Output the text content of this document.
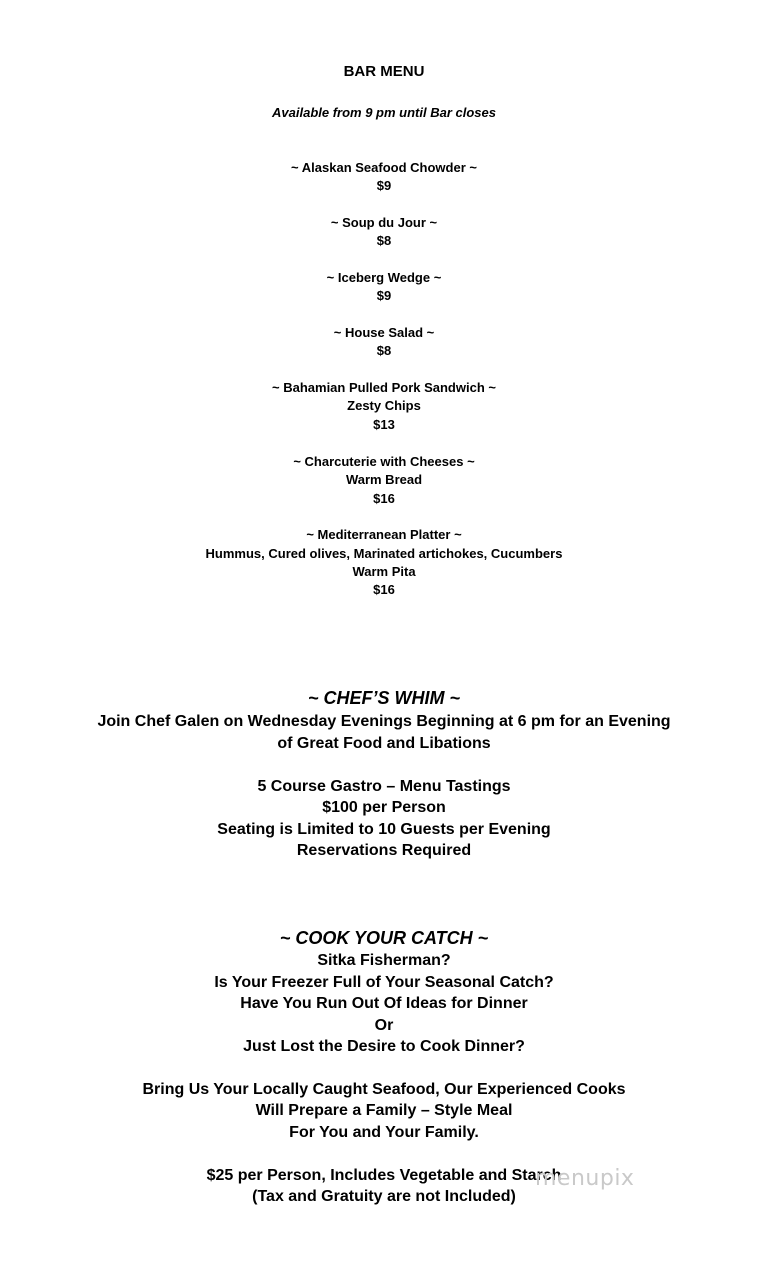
BAR MENU
Available from 9 pm until Bar closes
~ Alaskan Seafood Chowder ~
$9
~ Soup du Jour ~
$8
~ Iceberg Wedge ~
$9
~ House Salad ~
$8
~ Bahamian Pulled Pork Sandwich ~
Zesty Chips
$13
~ Charcuterie with Cheeses ~
Warm Bread
$16
~ Mediterranean Platter ~
Hummus, Cured olives, Marinated artichokes, Cucumbers
Warm Pita
$16
~ CHEF’S WHIM ~
Join Chef Galen on Wednesday Evenings Beginning at 6 pm for an Evening
of Great Food and Libations
5 Course Gastro – Menu Tastings
$100 per Person
Seating is Limited to 10 Guests per Evening
Reservations Required
~ COOK YOUR CATCH ~
Sitka Fisherman?
Is Your Freezer Full of Your Seasonal Catch?
Have You Run Out Of Ideas for Dinner
Or
Just Lost the Desire to Cook Dinner?
Bring Us Your Locally Caught Seafood, Our Experienced Cooks
Will Prepare a Family – Style Meal
For You and Your Family.
$25 per Person, Includes Vegetable and Starch
(Tax and Gratuity are not Included)
menupix
